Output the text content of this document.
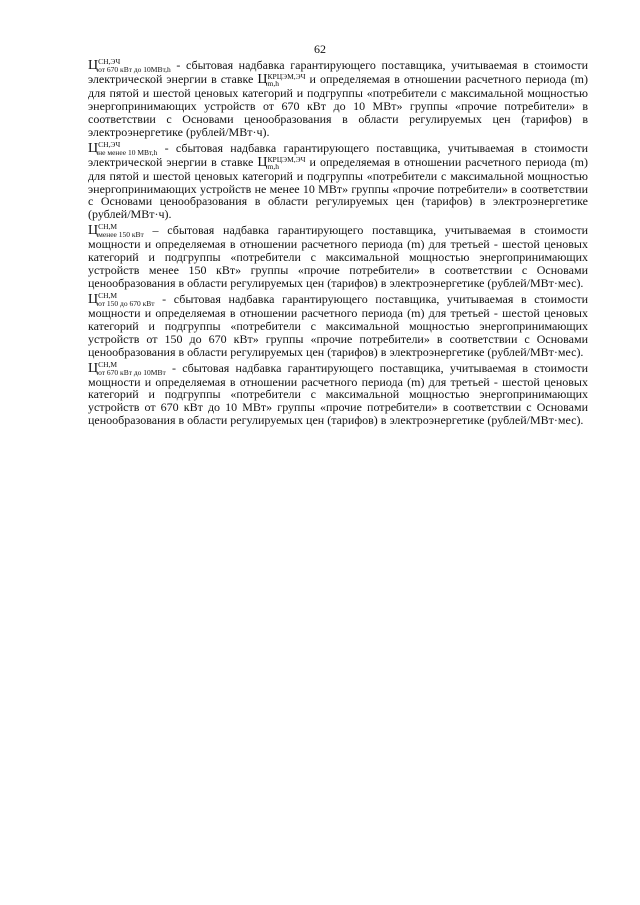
62

Ц СН,ЭЧ
от 670 кВт до 10МВт,h - сбытовая надбавка гарантирующего поставщика, учитываемая в стоимости электрической энергии в ставке Ц КРЦЭМ,ЭЧ
m,h	и определяемая в отношении расчетного периода (m) для пятой и шестой ценовых категорий и подгруппы «потребители с максимальной мощностью энергопринимающих устройств от 670 кВт до 10 МВт» группы «прочие потребители» в соответствии с Основами ценообразования в области регулируемых цен (тарифов) в электроэнергетике (рублей/МВт·ч).

Ц СН,ЭЧ
не менее 10 МВт,h - сбытовая надбавка гарантирующего поставщика, учитываемая в стоимости электрической энергии в ставке Ц КРЦЭМ,ЭЧ
m,h	и определяемая в отношении расчетного периода (m) для пятой и шестой ценовых категорий и подгруппы «потребители с максимальной мощностью энергопринимающих устройств не менее 10 МВт» группы «прочие потребители» в соответствии с Основами ценообразования в области регулируемых цен (тарифов) в электроэнергетике (рублей/МВт·ч).

Ц СН,М
менее 150 кВт – сбытовая надбавка гарантирующего поставщика, учитываемая в стоимости мощности и определяемая в отношении расчетного периода (m) для третьей - шестой ценовых категорий и подгруппы «потребители с максимальной мощностью энергопринимающих устройств менее 150 кВт» группы «прочие потребители» в соответствии с Основами ценообразования в области регулируемых цен (тарифов) в электроэнергетике (рублей/МВт·мес).

Ц СН,М
от 150 до 670 кВт - сбытовая надбавка гарантирующего поставщика, учитываемая в стоимости мощности и определяемая в отношении расчетного периода (m) для третьей - шестой ценовых категорий и подгруппы «потребители с максимальной мощностью энергопринимающих устройств от 150 до 670 кВт» группы «прочие потребители» в соответствии с Основами ценообразования в области регулируемых цен (тарифов) в электроэнергетике (рублей/МВт·мес).

Ц СН,М
от 670 кВт до 10МВт - сбытовая надбавка гарантирующего поставщика, учитываемая в стоимости мощности и определяемая в отношении расчетного периода (m) для третьей - шестой ценовых категорий и подгруппы «потребители с максимальной мощностью энергопринимающих устройств от 670 кВт до 10 МВт» группы «прочие потребители» в соответствии с Основами ценообразования в области регулируемых цен (тарифов) в электроэнергетике (рублей/МВт·мес).
